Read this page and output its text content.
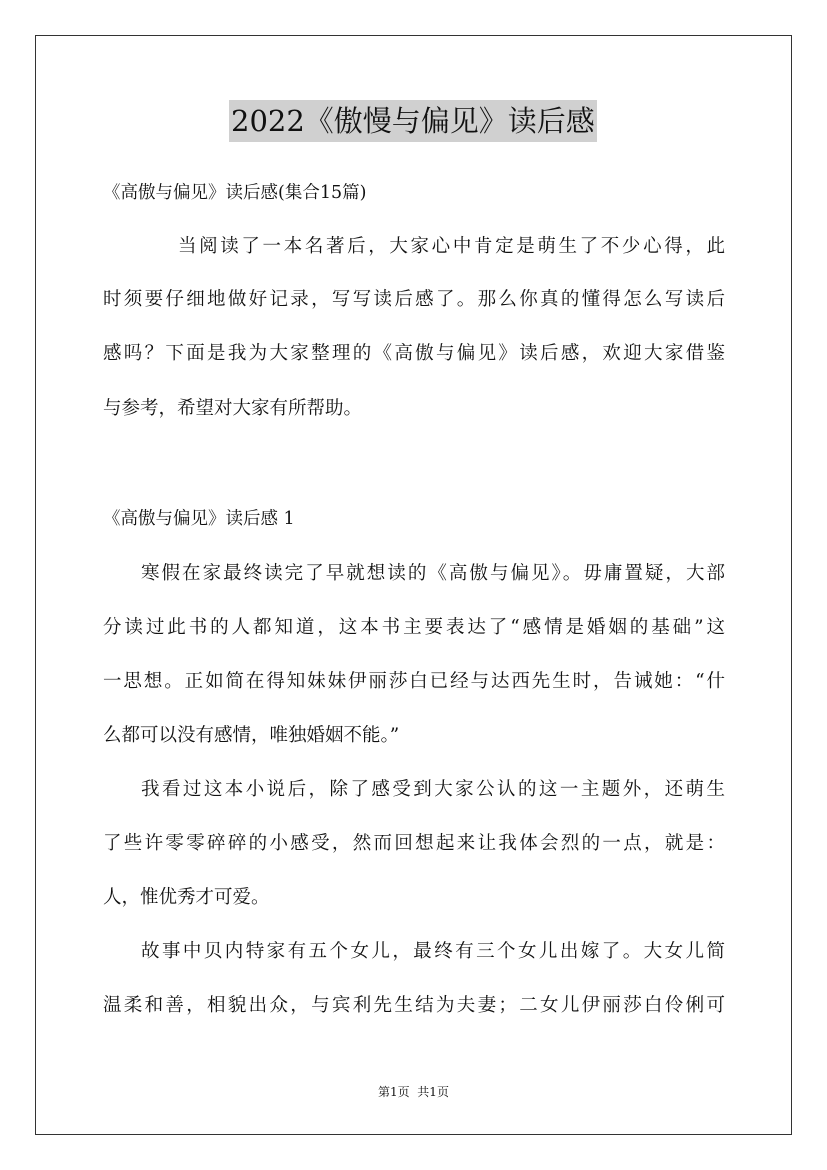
2022《傲慢与偏见》读后感
《高傲与偏见》读后感(集合15篇)
当阅读了一本名著后，大家心中肯定是萌生了不少心得，此
时须要仔细地做好记录，写写读后感了。那么你真的懂得怎么写读后
感吗？下面是我为大家整理的《高傲与偏见》读后感，欢迎大家借鉴
与参考，希望对大家有所帮助。
《高傲与偏见》读后感 1
寒假在家最终读完了早就想读的《高傲与偏见》。毋庸置疑，大部
分读过此书的人都知道，这本书主要表达了“感情是婚姻的基础”这
一思想。正如简在得知妹妹伊丽莎白已经与达西先生时，告诫她：“什
么都可以没有感情，唯独婚姻不能。”
我看过这本小说后，除了感受到大家公认的这一主题外，还萌生
了些许零零碎碎的小感受，然而回想起来让我体会烈的一点，就是：
人，惟优秀才可爱。
故事中贝内特家有五个女儿，最终有三个女儿出嫁了。大女儿简
温柔和善，相貌出众，与宾利先生结为夫妻；二女儿伊丽莎白伶俐可
第1页  共1页
